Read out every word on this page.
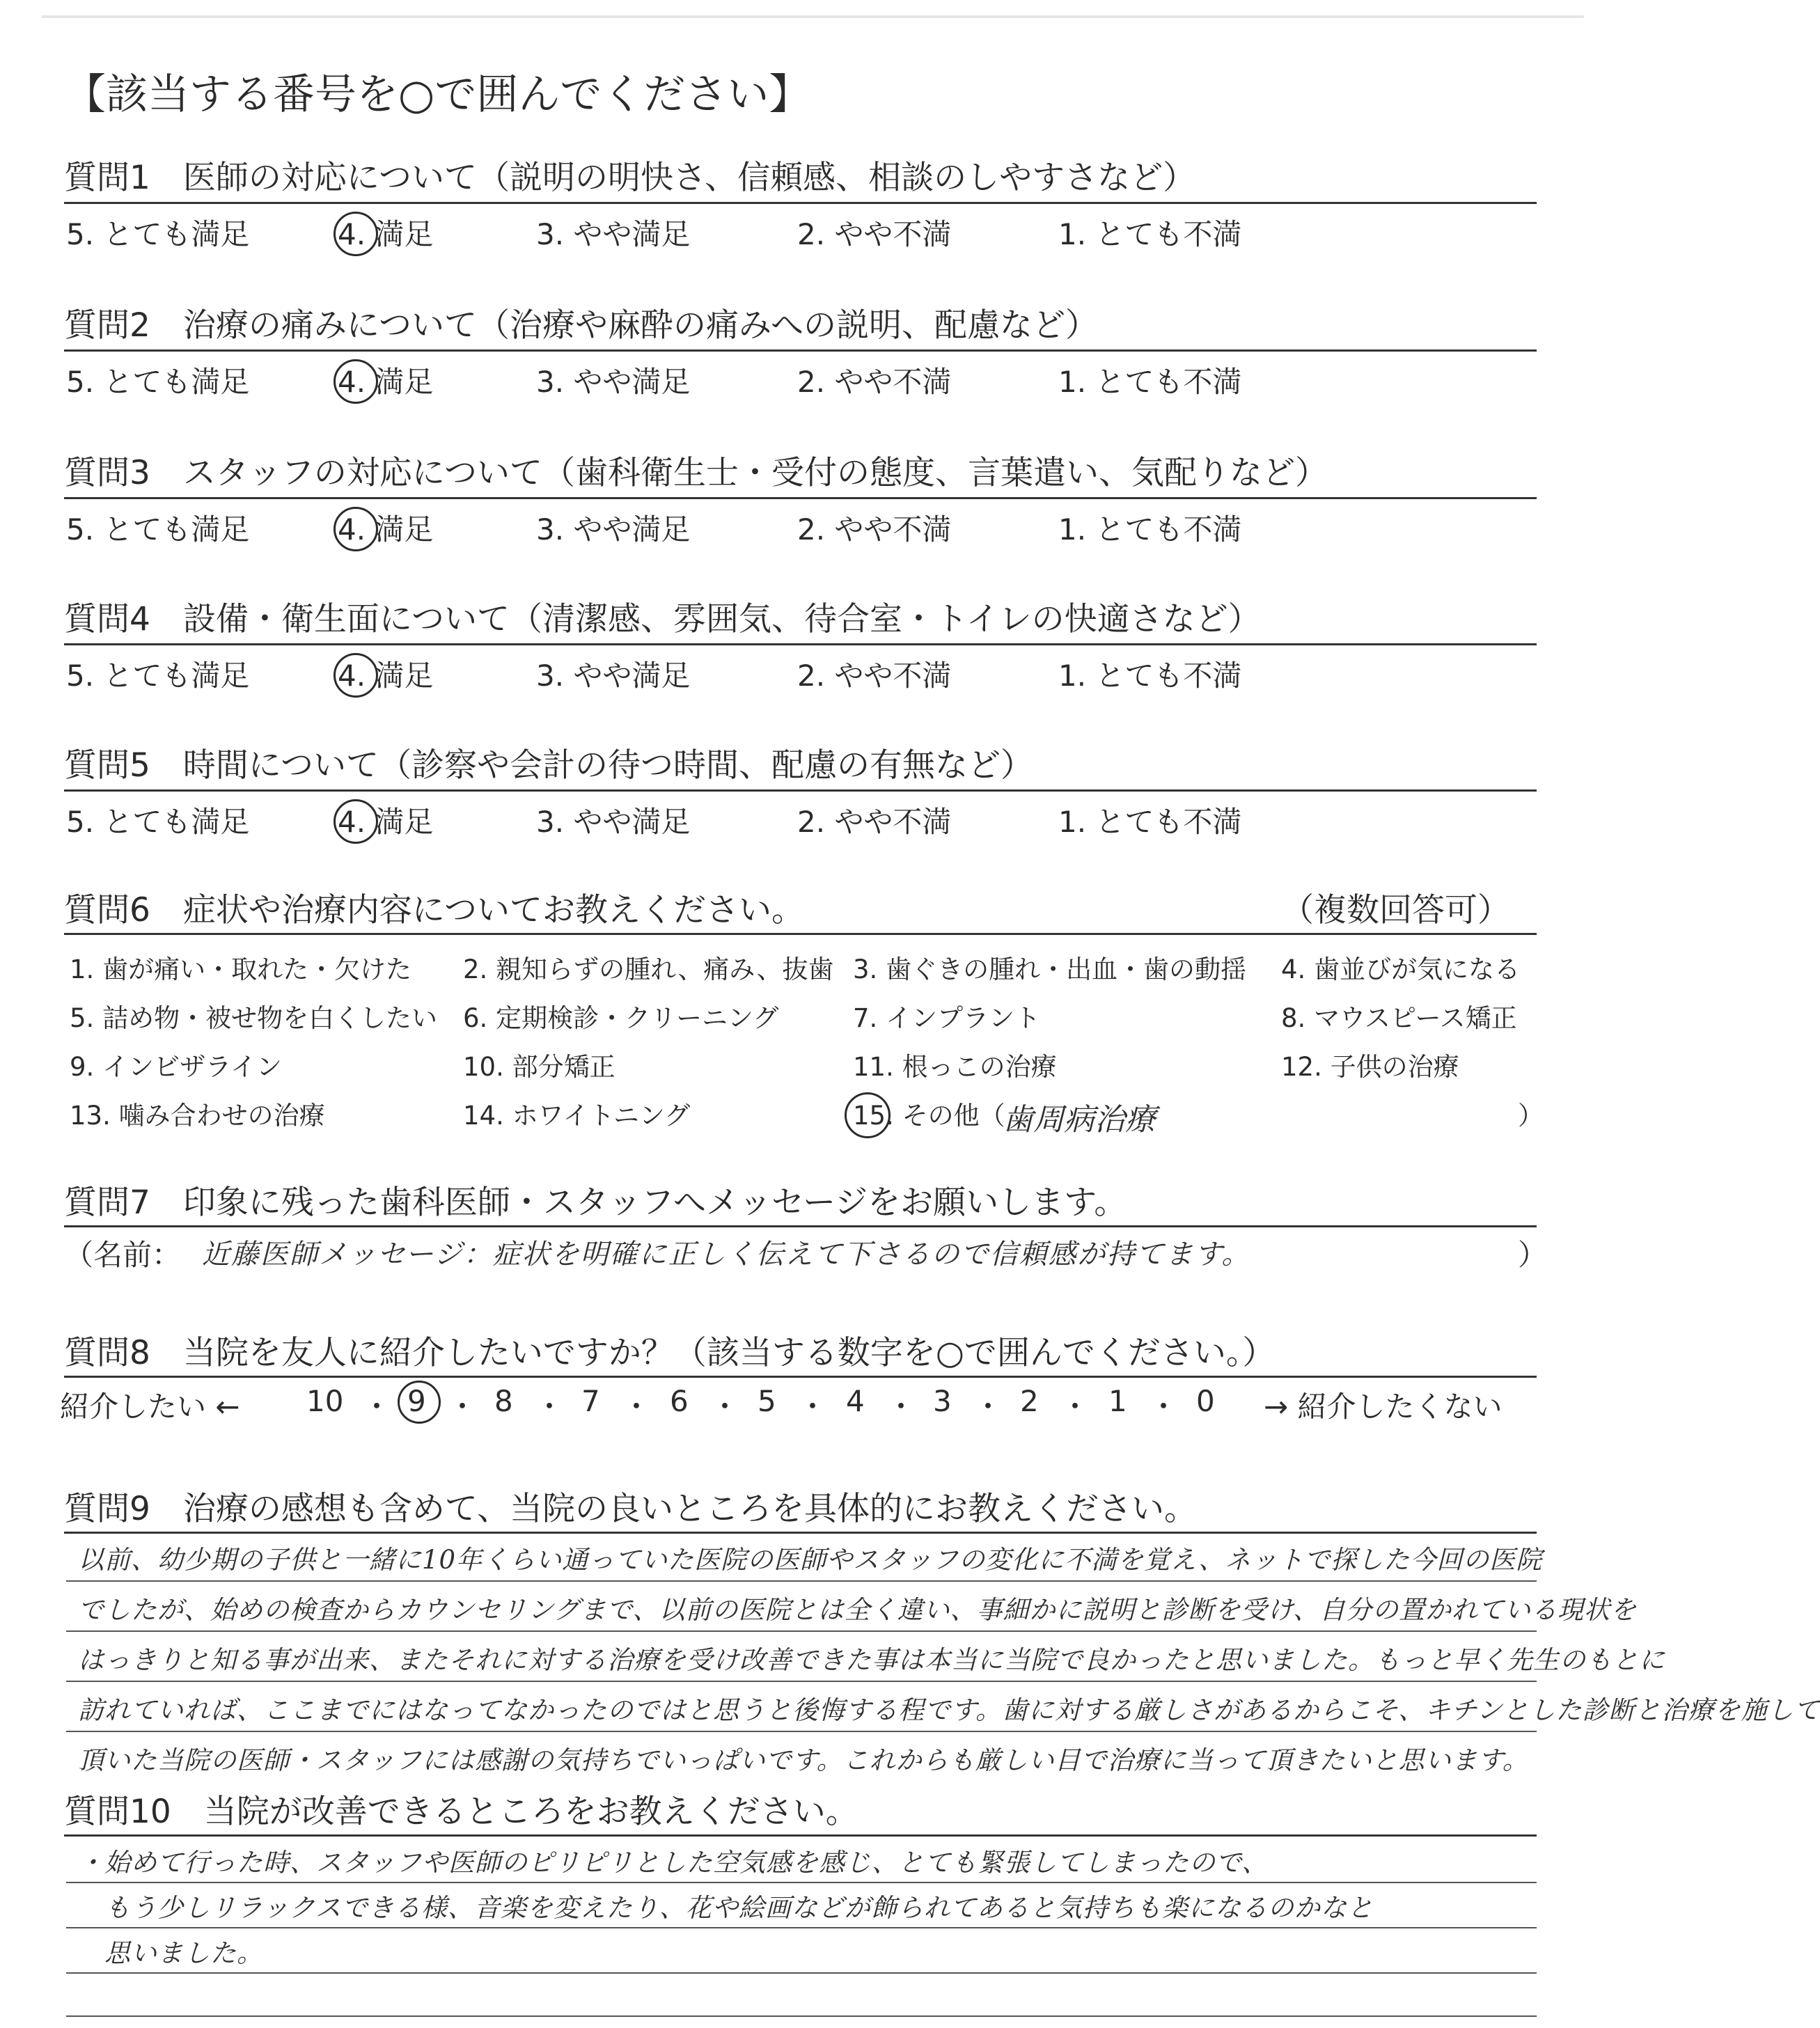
【該当する番号を○で囲んでください】
質問1　医師の対応について（説明の明快さ、信頼感、相談のしやすさなど）
5. とても満足	4. 満足	3. やや満足	2. やや不満	1. とても不満
質問2　治療の痛みについて（治療や麻酔の痛みへの説明、配慮など）
5. とても満足	4. 満足	3. やや満足	2. やや不満	1. とても不満
質問3　スタッフの対応について（歯科衛生士・受付の態度、言葉遣い、気配りなど）
5. とても満足	4. 満足	3. やや満足	2. やや不満	1. とても不満
質問4　設備・衛生面について（清潔感、雰囲気、待合室・トイレの快適さなど）
5. とても満足	4. 満足	3. やや満足	2. やや不満	1. とても不満
質問5　時間について（診察や会計の待つ時間、配慮の有無など）
5. とても満足	4. 満足	3. やや満足	2. やや不満	1. とても不満
質問6　症状や治療内容についてお教えください。	（複数回答可）
1. 歯が痛い・取れた・欠けた 2. 親知らずの腫れ、痛み、抜歯 3. 歯ぐきの腫れ・出血・歯の動揺 4. 歯並びが気になる
5. 詰め物・被せ物を白くしたい 6. 定期検診・クリーニング	7. インプラント	8. マウスピース矯正
9. インビザライン	10. 部分矯正	11. 根っこの治療	12. 子供の治療
13. 噛み合わせの治療	14. ホワイトニング	15. その他（
歯周病治療	）
質問7　印象に残った歯科医師・スタッフへメッセージをお願いします。
（名前： 近藤医師メッセージ：症状を明確に正しく伝えて下さるので信頼感が持てます。	）
質問8　当院を友人に紹介したいですか？（該当する数字を○で囲んでください。）
紹介したい ←	→ 紹介したくない
10 ・ 9 ・ 8 ・ 7 ・ 6 ・ 5 ・ 4 ・ 3 ・ 2 ・ 1 ・ 0
質問9　治療の感想も含めて、当院の良いところを具体的にお教えください。
以前、幼少期の子供と一緒に10年くらい通っていた医院の医師やスタッフの変化に不満を覚え、ネットで探した今回の医院
でしたが、始めの検査からカウンセリングまで、以前の医院とは全く違い、事細かに説明と診断を受け、自分の置かれている現状を
はっきりと知る事が出来、またそれに対する治療を受け改善できた事は本当に当院で良かったと思いました。もっと早く先生のもとに
訪れていれば、ここまでにはなってなかったのではと思うと後悔する程です。歯に対する厳しさがあるからこそ、キチンとした診断と治療を施して
頂いた当院の医師・スタッフには感謝の気持ちでいっぱいです。これからも厳しい目で治療に当って頂きたいと思います。
質問10　当院が改善できるところをお教えください。
・始めて行った時、スタッフや医師のピリピリとした空気感を感じ、とても緊張してしまったので、
もう少しリラックスできる様、音楽を変えたり、花や絵画などが飾られてあると気持ちも楽になるのかなと
思いました。
